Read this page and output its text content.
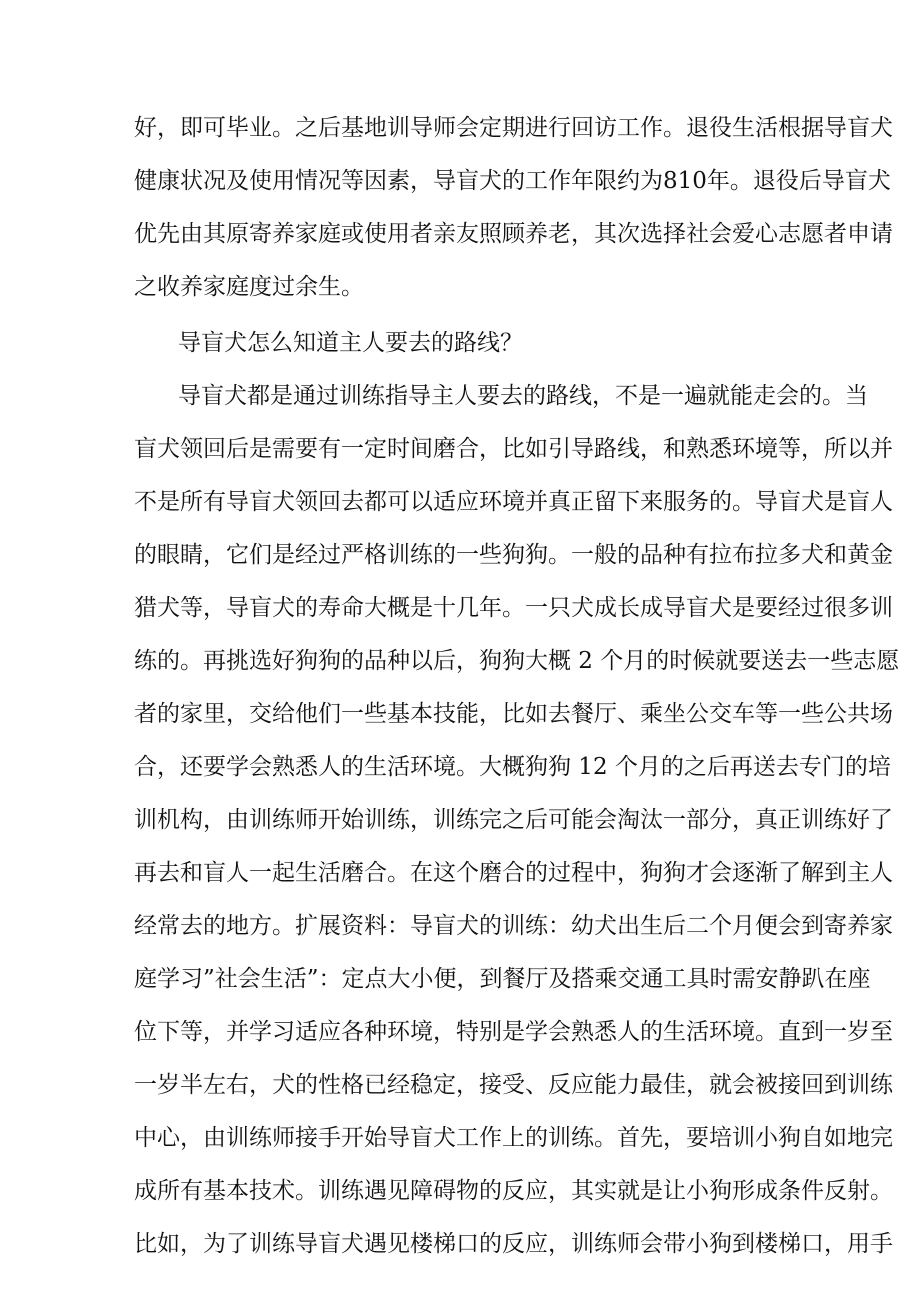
好，即可毕业。之后基地训导师会定期进行回访工作。退役生活根据导盲犬
健康状况及使用情况等因素，导盲犬的工作年限约为810年。退役后导盲犬
优先由其原寄养家庭或使用者亲友照顾养老，其次选择社会爱心志愿者申请
之收养家庭度过余生。
导盲犬怎么知道主人要去的路线？
导盲犬都是通过训练指导主人要去的路线，不是一遍就能走会的。当
盲犬领回后是需要有一定时间磨合，比如引导路线，和熟悉环境等，所以并
不是所有导盲犬领回去都可以适应环境并真正留下来服务的。导盲犬是盲人
的眼睛，它们是经过严格训练的一些狗狗。一般的品种有拉布拉多犬和黄金
猎犬等，导盲犬的寿命大概是十几年。一只犬成长成导盲犬是要经过很多训
练的。再挑选好狗狗的品种以后，狗狗大概 2 个月的时候就要送去一些志愿
者的家里，交给他们一些基本技能，比如去餐厅、乘坐公交车等一些公共场
合，还要学会熟悉人的生活环境。大概狗狗 12 个月的之后再送去专门的培
训机构，由训练师开始训练，训练完之后可能会淘汰一部分，真正训练好了
再去和盲人一起生活磨合。在这个磨合的过程中，狗狗才会逐渐了解到主人
经常去的地方。扩展资料：导盲犬的训练：幼犬出生后二个月便会到寄养家
庭学习”社会生活”：定点大小便，到餐厅及搭乘交通工具时需安静趴在座
位下等，并学习适应各种环境，特别是学会熟悉人的生活环境。直到一岁至
一岁半左右，犬的性格已经稳定，接受、反应能力最佳，就会被接回到训练
中心，由训练师接手开始导盲犬工作上的训练。首先，要培训小狗自如地完
成所有基本技术。训练遇见障碍物的反应，其实就是让小狗形成条件反射。
比如，为了训练导盲犬遇见楼梯口的反应，训练师会带小狗到楼梯口，用手
